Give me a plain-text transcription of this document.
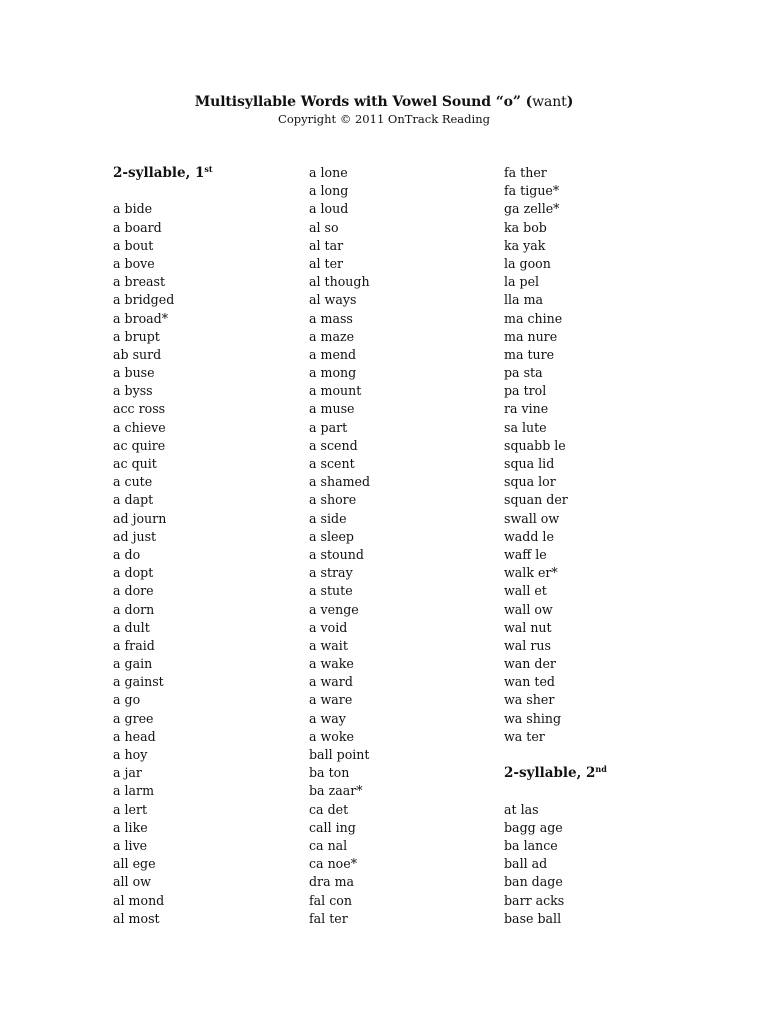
Multisyllable Words with Vowel Sound “o” (want)
Copyright © 2011 OnTrack Reading
2-syllable, 1st
a bide
a board
a bout
a bove
a breast
a bridged
a broad*
a brupt
ab surd
a buse
a byss
acc ross
a chieve
ac quire
ac quit
a cute
a dapt
ad journ
ad just
a do
a dopt
a dore
a dorn
a dult
a fraid
a gain
a gainst
a go
a gree
a head
a hoy
a jar
a larm
a lert
a like
a live
all ege
all ow
al mond
al most
a lone
a long
a loud
al so
al tar
al ter
al though
al ways
a mass
a maze
a mend
a mong
a mount
a muse
a part
a scend
a scent
a shamed
a shore
a side
a sleep
a stound
a stray
a stute
a venge
a void
a wait
a wake
a ward
a ware
a way
a woke
ball point
ba ton
ba zaar*
ca det
call ing
ca nal
ca noe*
dra ma
fal con
fal ter
fa ther
fa tigue*
ga zelle*
ka bob
ka yak
la goon
la pel
lla ma
ma chine
ma nure
ma ture
pa sta
pa trol
ra vine
sa lute
squabb le
squa lid
squa lor
squan der
swall ow
wadd le
waff le
walk er*
wall et
wall ow
wal nut
wal rus
wan der
wan ted
wa sher
wa shing
wa ter
2-syllable, 2nd
at las
bagg age
ba lance
ball ad
ban dage
barr acks
base ball
